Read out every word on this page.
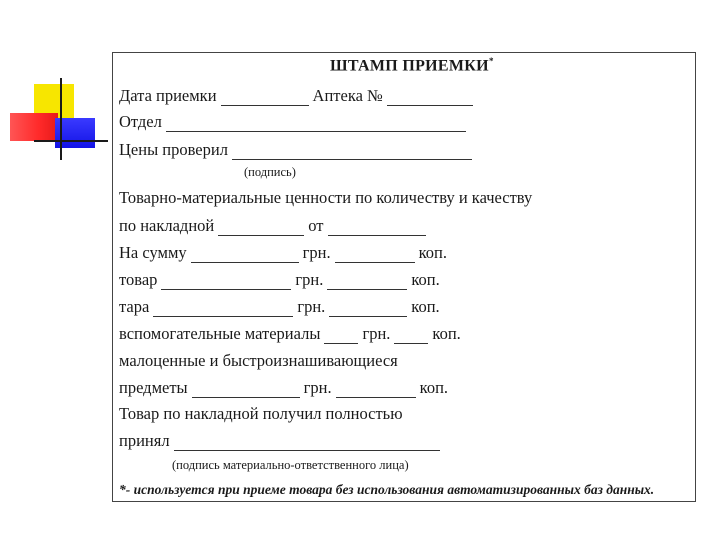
ШТАМП ПРИЕМКИ*
Дата приемки	Аптека №
Отдел
Цены проверил
(подпись)
Товарно-материальные ценности по количеству и качеству
по накладной	от
На сумму	грн.	коп.
товар	грн.	коп.
тара	грн.	коп.
вспомогательные материалы	грн.	коп.
малоценные и быстроизнашивающиеся
предметы	грн.	коп.
Товар по накладной получил полностью
принял
(подпись материально-ответственного лица)
*- используется при приеме товара без использования автоматизированных баз данных.
